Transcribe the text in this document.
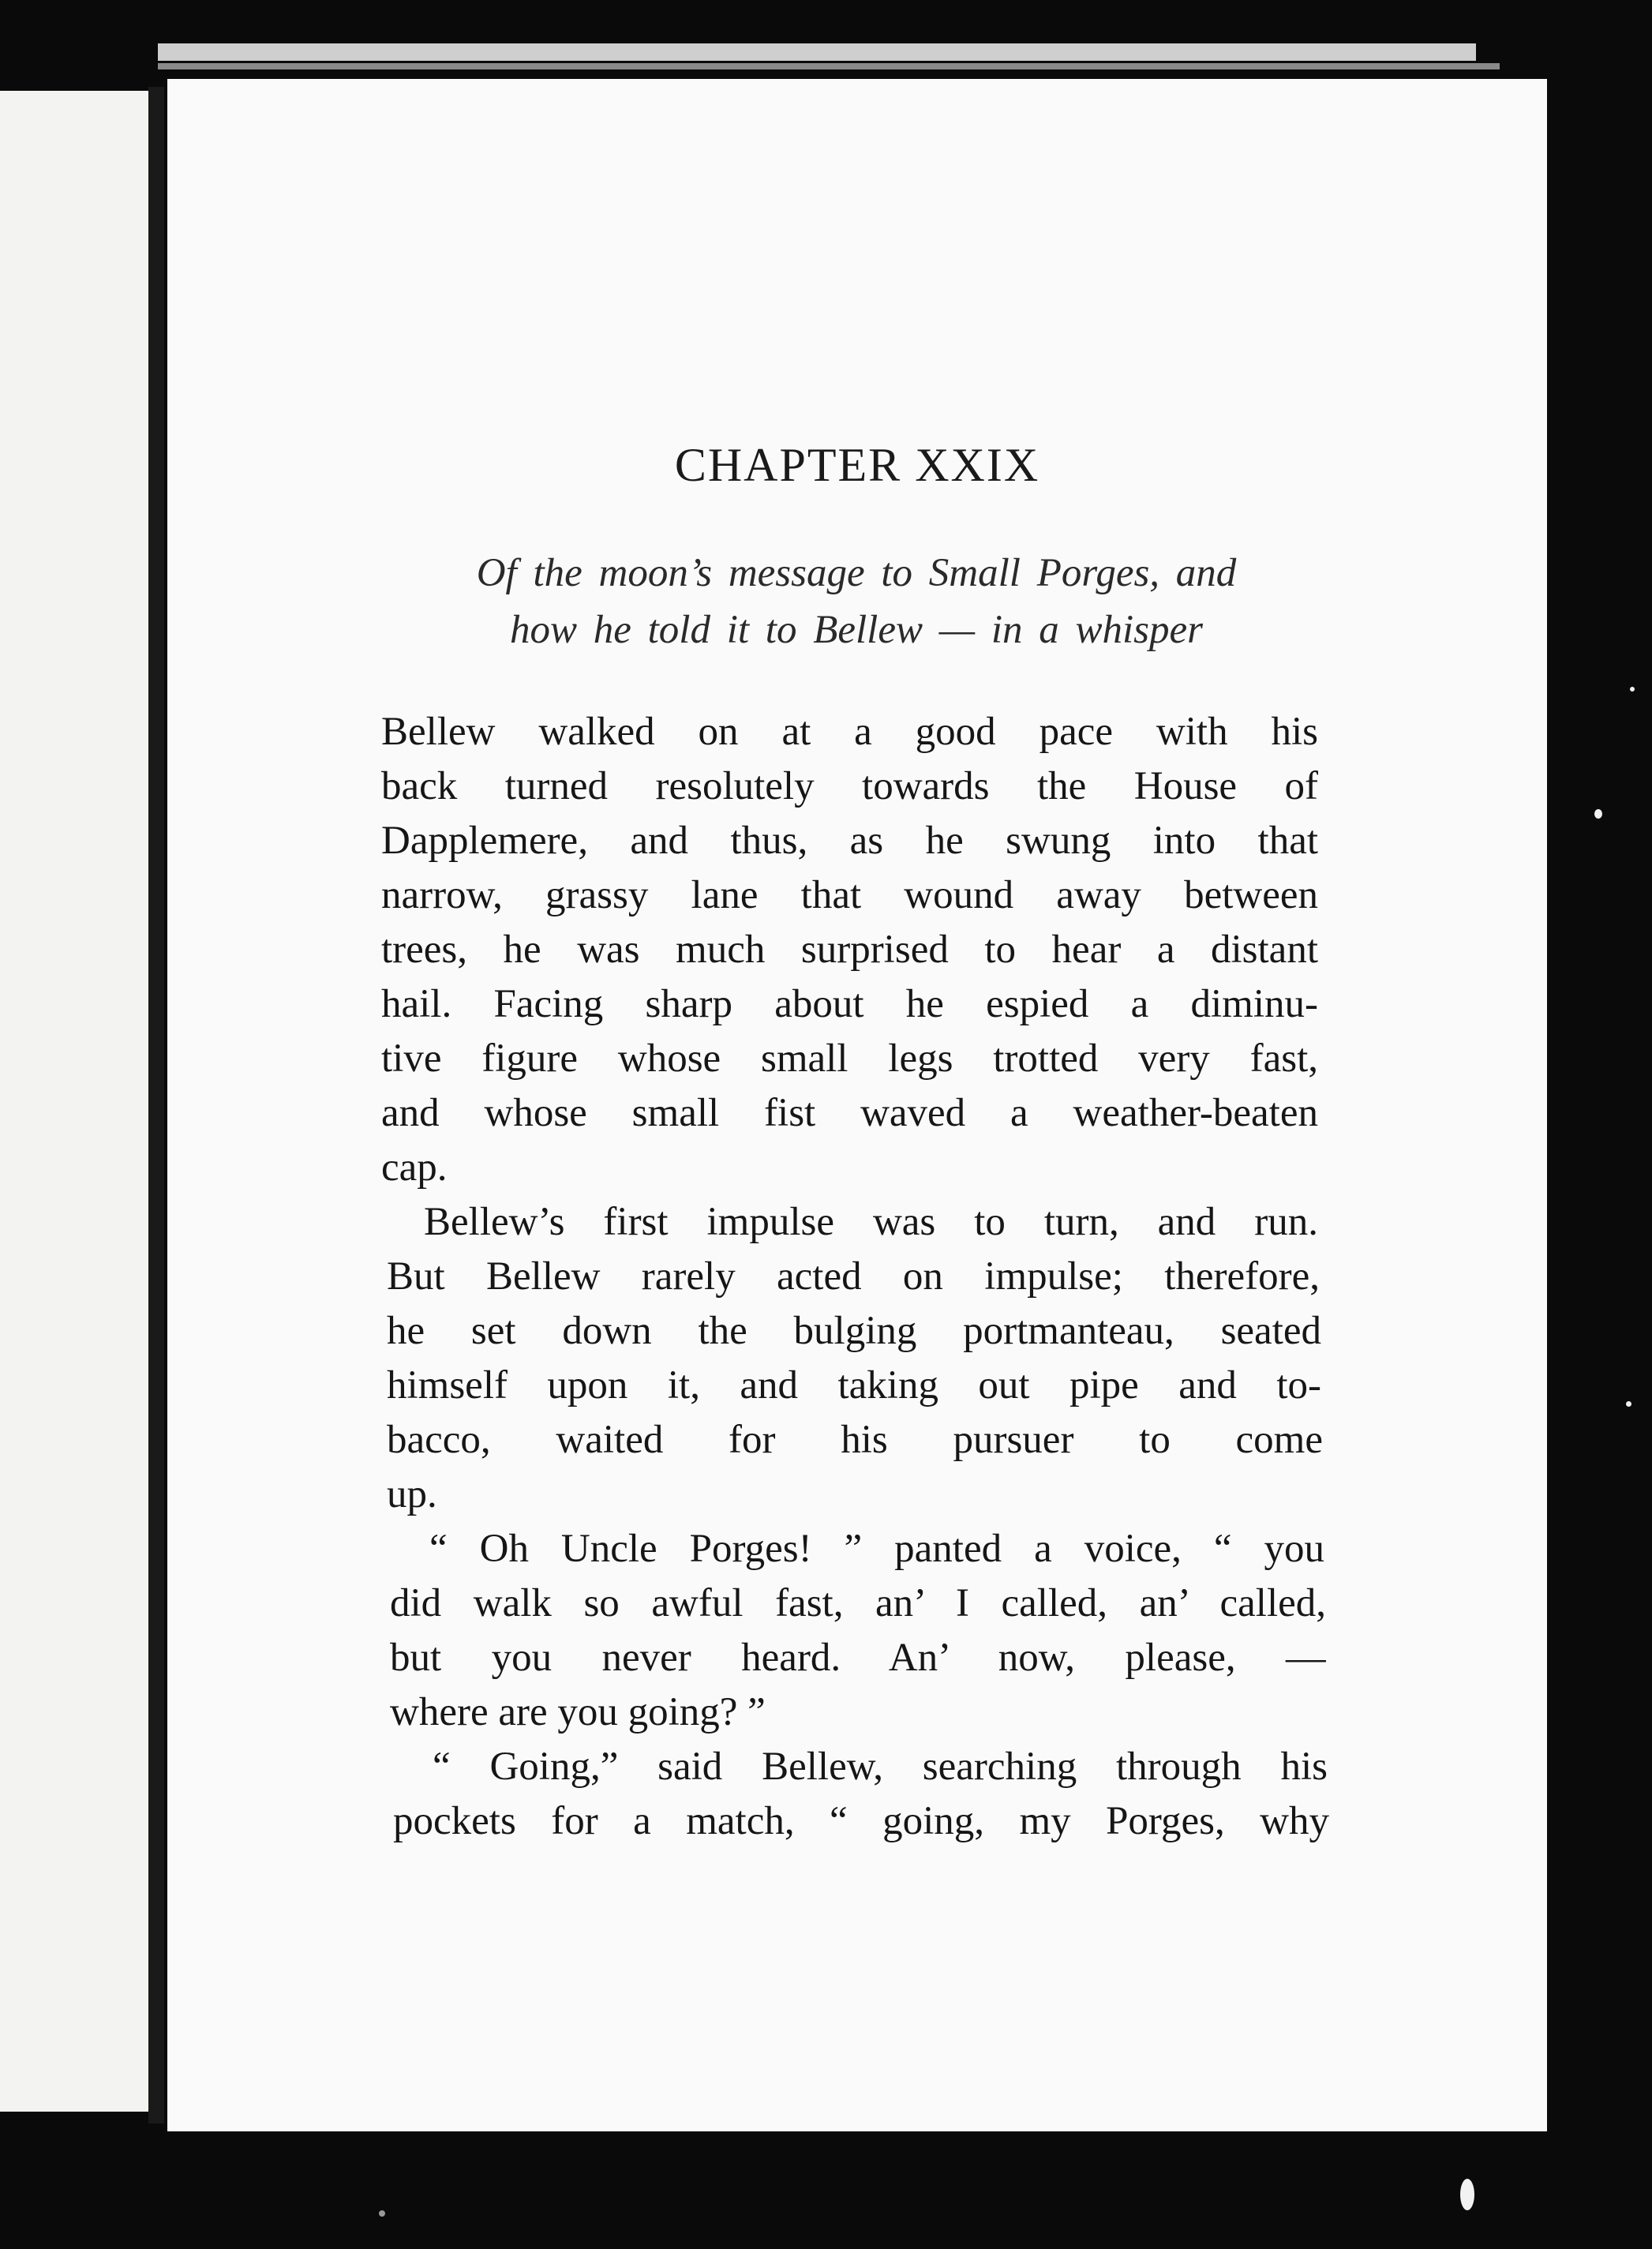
CHAPTER XXIX
Of the moon’s message to Small Porges, and
how he told it to Bellew — in a whisper
Bellew walked on at a good pace with his
back turned resolutely towards the House of
Dapplemere, and thus, as he swung into that
narrow, grassy lane that wound away between
trees, he was much surprised to hear a distant
hail. Facing sharp about he espied a diminu-
tive figure whose small legs trotted very fast,
and whose small fist waved a weather-beaten
cap.
Bellew’s first impulse was to turn, and run.
But Bellew rarely acted on impulse; therefore,
he set down the bulging portmanteau, seated
himself upon it, and taking out pipe and to-
bacco, waited for his pursuer to come
up.
“ Oh Uncle Porges! ” panted a voice, “ you
did walk so awful fast, an’ I called, an’ called,
but you never heard. An’ now, please, —
where are you going? ”
“ Going,” said Bellew, searching through his
pockets for a match, “ going, my Porges, why
